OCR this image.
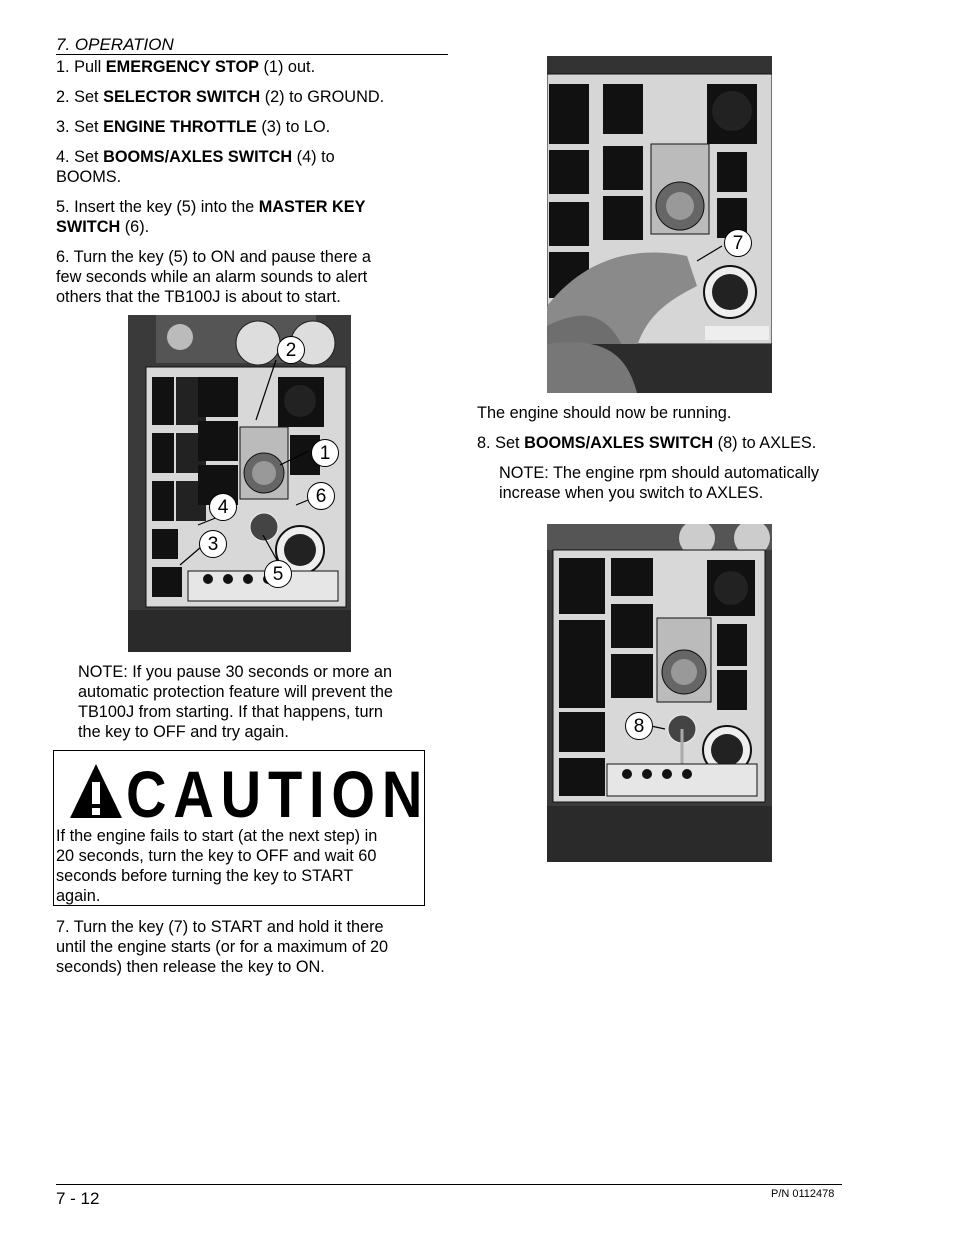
7. OPERATION
1. Pull EMERGENCY STOP (1) out.
2. Set SELECTOR SWITCH (2) to GROUND.
3. Set ENGINE THROTTLE (3) to LO.
4. Set BOOMS/AXLES SWITCH (4) to
BOOMS.
5. Insert the key (5) into the MASTER KEY
SWITCH (6).
6. Turn the key (5) to ON and pause there a
few seconds while an alarm sounds to alert
others that the TB100J is about to start.
2
1
6
4
3
5
NOTE: If you pause 30 seconds or more an
automatic protection feature will prevent the
TB100J from starting. If that happens, turn
the key to OFF and try again.
CAUTION
If the engine fails to start (at the next step) in
20 seconds, turn the key to OFF and wait 60
seconds before turning the key to START
again.
7. Turn the key (7) to START and hold it there
until the engine starts (or for a maximum of 20
seconds) then release the key to ON.
7
The engine should now be running.
8. Set BOOMS/AXLES SWITCH (8) to AXLES.
NOTE: The engine rpm should automatically
increase when you switch to AXLES.
8
7 - 12	P/N 0112478
